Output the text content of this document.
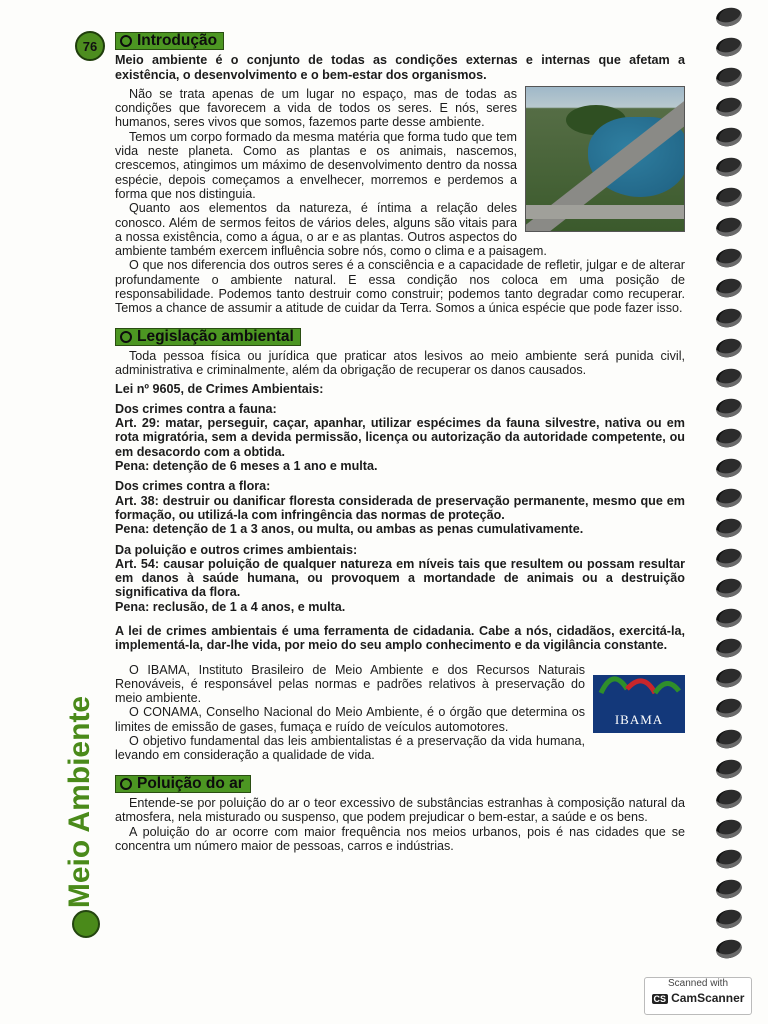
76
Meio Ambiente
Introdução

Meio ambiente é o conjunto de todas as condições externas e internas que afetam a existência, o desenvolvimento e o bem-estar dos organismos.

Não se trata apenas de um lugar no espaço, mas de todas as condições que favorecem a vida de todos os seres. E nós, seres humanos, seres vivos que somos, fazemos parte desse ambiente.

Temos um corpo formado da mesma matéria que forma tudo que tem vida neste planeta. Como as plantas e os animais, nascemos, crescemos, atingimos um máximo de desenvolvimento dentro da nossa espécie, depois começamos a envelhecer, morremos e perdemos a forma que nos distinguia.

Quanto aos elementos da natureza, é íntima a relação deles conosco. Além de sermos feitos de vários deles, alguns são vitais para a nossa existência, como a água, o ar e as plantas. Outros aspectos do ambiente também exercem influência sobre nós, como o clima e a paisagem.

O que nos diferencia dos outros seres é a consciência e a capacidade de refletir, julgar e de alterar profundamente o ambiente natural. E essa condição nos coloca em uma posição de responsabilidade. Podemos tanto destruir como construir; podemos tanto degradar como recuperar. Temos a chance de assumir a atitude de cuidar da Terra. Somos a única espécie que pode fazer isso.

Legislação ambiental

Toda pessoa física ou jurídica que praticar atos lesivos ao meio ambiente será punida civil, administrativa e criminalmente, além da obrigação de recuperar os danos causados.

Lei nº 9605, de Crimes Ambientais:

Dos crimes contra a fauna:

Art. 29: matar, perseguir, caçar, apanhar, utilizar espécimes da fauna silvestre, nativa ou em rota migratória, sem a devida permissão, licença ou autorização da autoridade competente, ou em desacordo com a obtida.

Pena: detenção de 6 meses a 1 ano e multa.

Dos crimes contra a flora:

Art. 38: destruir ou danificar floresta considerada de preservação permanente, mesmo que em formação, ou utilizá-la com infringência das normas de proteção.

Pena: detenção de 1 a 3 anos, ou multa, ou ambas as penas cumulativamente.

Da poluição e outros crimes ambientais:

Art. 54: causar poluição de qualquer natureza em níveis tais que resultem ou possam resultar em danos à saúde humana, ou provoquem a mortandade de animais ou a destruição significativa da flora.

Pena: reclusão, de 1 a 4 anos, e multa.

A lei de crimes ambientais é uma ferramenta de cidadania. Cabe a nós, cidadãos, exercitá-la, implementá-la, dar-lhe vida, por meio do seu amplo conhecimento e da vigilância constante.

IBAMA

O IBAMA, Instituto Brasileiro de Meio Ambiente e dos Recursos Naturais Renováveis, é responsável pelas normas e padrões relativos à preservação do meio ambiente.

O CONAMA, Conselho Nacional do Meio Ambiente, é o órgão que determina os limites de emissão de gases, fumaça e ruído de veículos automotores.

O objetivo fundamental das leis ambientalistas é a preservação da vida humana, levando em consideração a qualidade de vida.

Poluição do ar

Entende-se por poluição do ar o teor excessivo de substâncias estranhas à composição natural da atmosfera, nela misturado ou suspenso, que podem prejudicar o bem-estar, a saúde e os bens.

A poluição do ar ocorre com maior frequência nos meios urbanos, pois é nas cidades que se concentra um número maior de pessoas, carros e indústrias.

Scanned with
CS CamScanner
